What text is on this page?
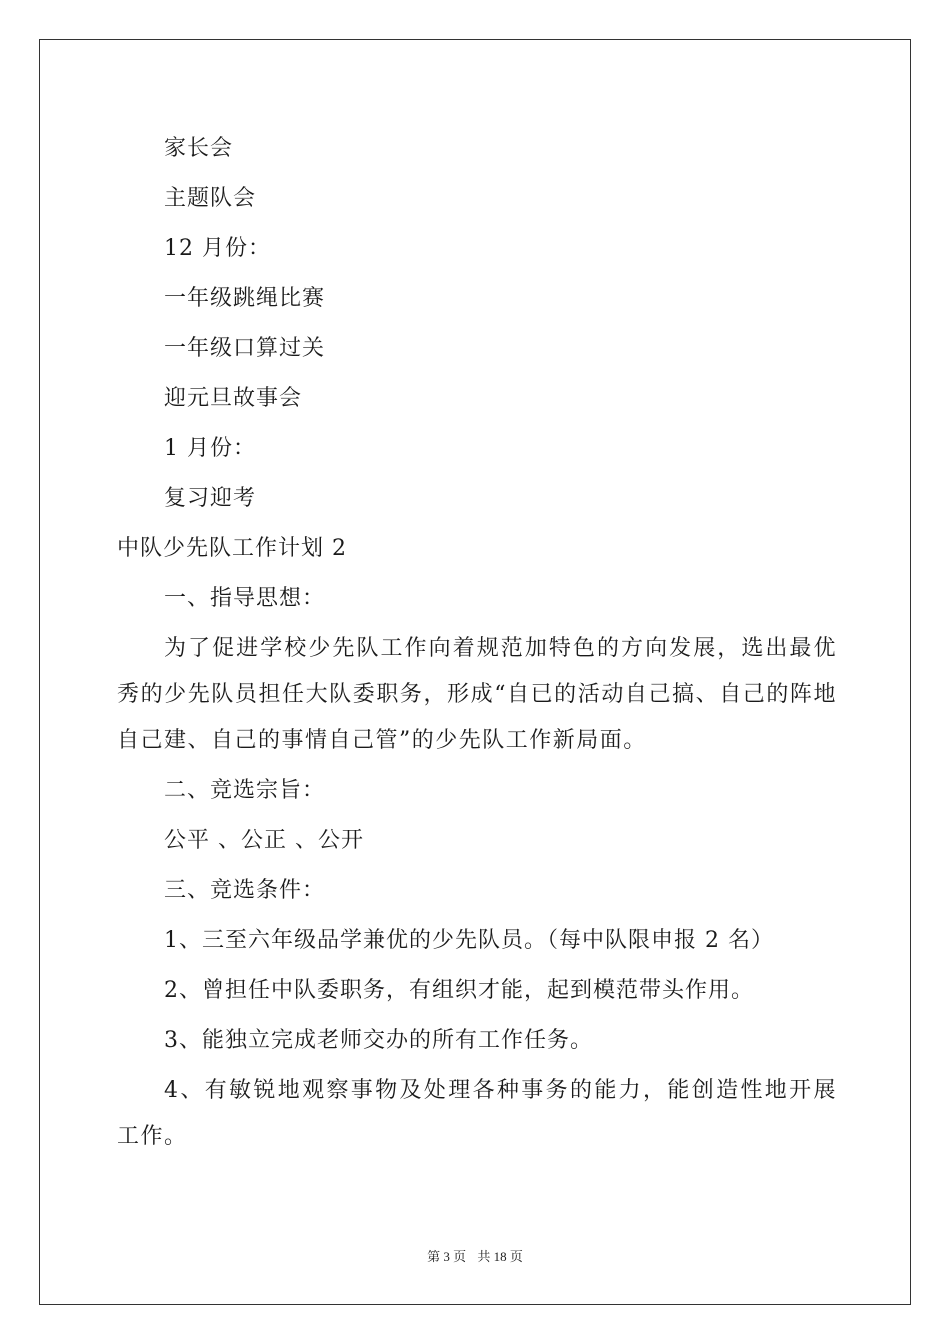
家长会
主题队会
12 月份：
一年级跳绳比赛
一年级口算过关
迎元旦故事会
1 月份：
复习迎考
中队少先队工作计划 2
一、指导思想：

为了促进学校少先队工作向着规范加特色的方向发展，选出最优秀的少先队员担任大队委职务，形成“自已的活动自己搞、自己的阵地自己建、自己的事情自己管”的少先队工作新局面。

二、竞选宗旨：
公平 、公正 、公开
三、竞选条件：
1、三至六年级品学兼优的少先队员。（每中队限申报 2 名）
2、曾担任中队委职务，有组织才能，起到模范带头作用。
3、能独立完成老师交办的所有工作任务。

4、有敏锐地观察事物及处理各种事务的能力，能创造性地开展工作。

第 3 页 共 18 页
